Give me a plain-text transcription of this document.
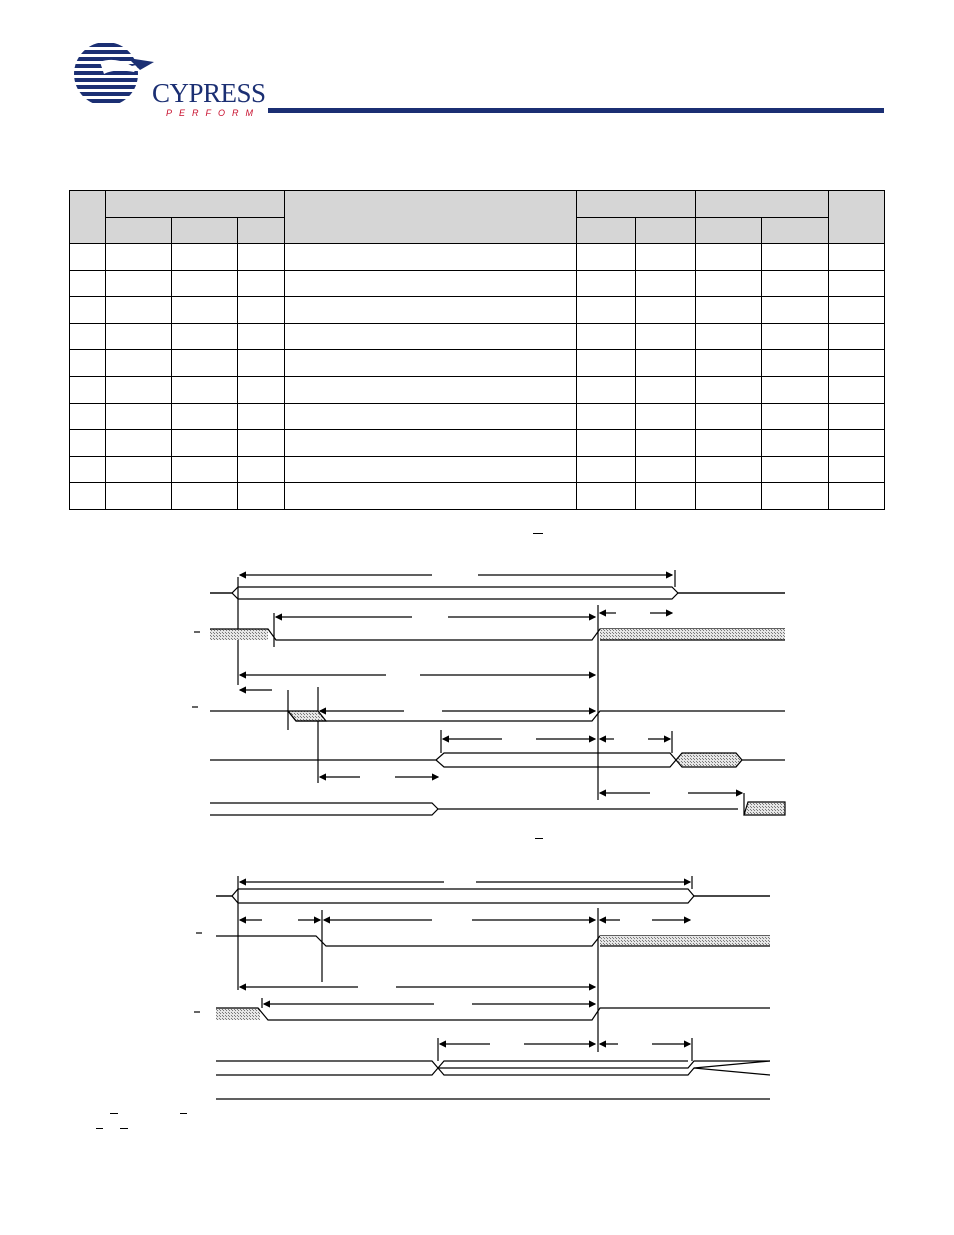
CYPRESS
PERFORM
